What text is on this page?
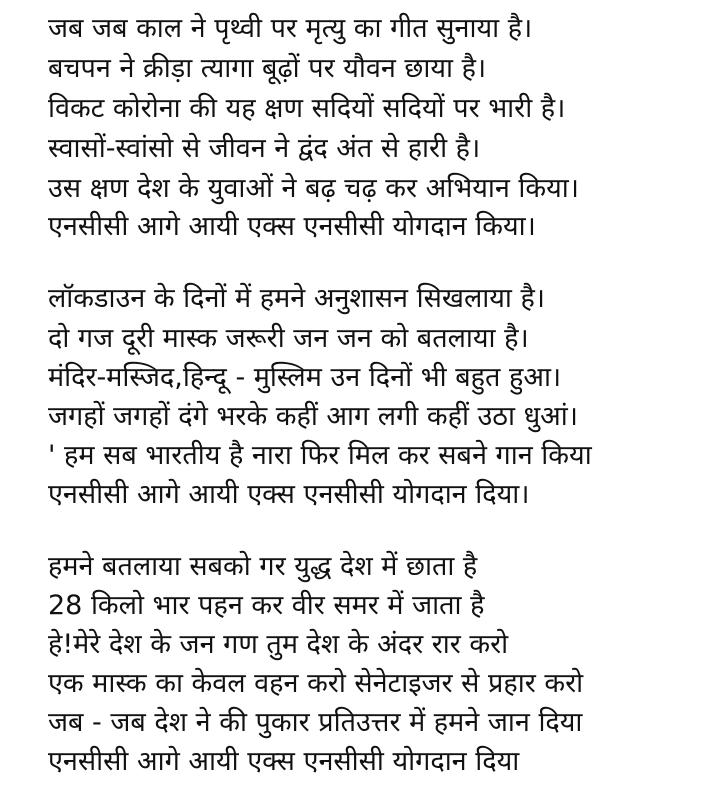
जब जब काल ने पृथ्वी पर मृत्यु का गीत सुनाया है।
बचपन ने क्रीड़ा त्यागा बूढ़ों पर यौवन छाया है।
विकट कोरोना की यह क्षण सदियों सदियों पर भारी है।
स्वासों-स्वांसो से जीवन ने द्वंद अंत से हारी है।
उस क्षण देश के युवाओं ने बढ़ चढ़ कर अभियान किया।
एनसीसी आगे आयी एक्स एनसीसी योगदान किया।
लॉकडाउन के दिनों में हमने अनुशासन सिखलाया है।
दो गज दूरी मास्क जरूरी जन जन को बतलाया है।
मंदिर-मस्जिद,हिन्दू - मुस्लिम उन दिनों भी बहुत हुआ।
जगहों जगहों दंगे भरके कहीं आग लगी कहीं उठा धुआं।
' हम सब भारतीय है नारा फिर मिल कर सबने गान किया
एनसीसी आगे आयी एक्स एनसीसी योगदान दिया।
हमने बतलाया सबको गर युद्ध देश में छाता है
28 किलो भार पहन कर वीर समर में जाता है
हे!मेरे देश के जन गण तुम देश के अंदर रार करो
एक मास्क का केवल वहन करो सेनेटाइजर से प्रहार करो
जब - जब देश ने की पुकार प्रतिउत्तर में हमने जान दिया
एनसीसी आगे आयी एक्स एनसीसी योगदान दिया
